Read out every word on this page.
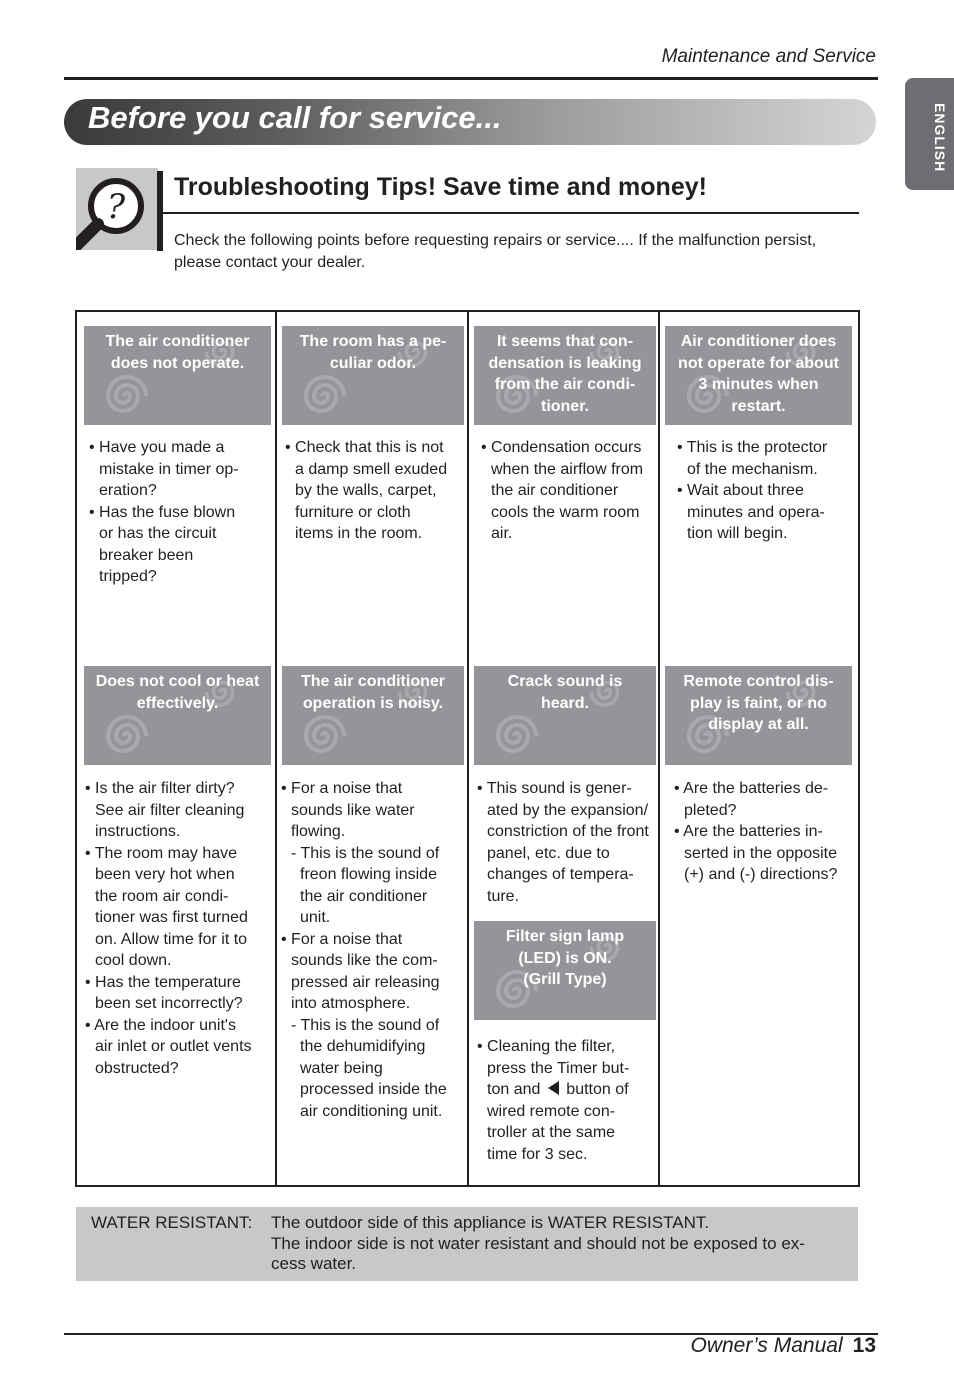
Maintenance and Service
ENGLISH
Before you call for service...
? Troubleshooting Tips! Save time and money!
Check the following points before requesting repairs or service.... If the malfunction persist,
please contact your dealer.
The air conditioner
does not operate.
The room has a pe-
culiar odor.
It seems that con-
densation is leaking
from the air condi-
tioner.
Air conditioner does
not operate for about
3 minutes when
restart.
• Have you made a
mistake in timer op-
eration?
• Has the fuse blown
or has the circuit
breaker been
tripped?
• Check that this is not
a damp smell exuded
by the walls, carpet,
furniture or cloth
items in the room.
• Condensation occurs
when the airflow from
the air conditioner
cools the warm room
air.
• This is the protector
of the mechanism.
• Wait about three
minutes and opera-
tion will begin.
Does not cool or heat
effectively.
The air conditioner
operation is noisy.
Crack sound is
heard.
Remote control dis-
play is faint, or no
display at all.
• Is the air filter dirty?
See air filter cleaning
instructions.
• The room may have
been very hot when
the room air condi-
tioner was first turned
on. Allow time for it to
cool down.
• Has the temperature
been set incorrectly?
• Are the indoor unit's
air inlet or outlet vents
obstructed?
• For a noise that
sounds like water
flowing.
- This is the sound of
freon flowing inside
the air conditioner
unit.
• For a noise that
sounds like the com-
pressed air releasing
into atmosphere.
- This is the sound of
the dehumidifying
water being
processed inside the
air conditioning unit.
• This sound is gener-
ated by the expansion/
constriction of the front
panel, etc. due to
changes of tempera-
ture.
Filter sign lamp
(LED) is ON.
(Grill Type)
• Cleaning the filter,
press the Timer but-
ton and button of
wired remote con-
troller at the same
time for 3 sec.
• Are the batteries de-
pleted?
• Are the batteries in-
serted in the opposite
(+) and (-) directions?
WATER RESISTANT: The outdoor side of this appliance is WATER RESISTANT.
The indoor side is not water resistant and should not be exposed to ex-
cess water.
Owner’s Manual 13
